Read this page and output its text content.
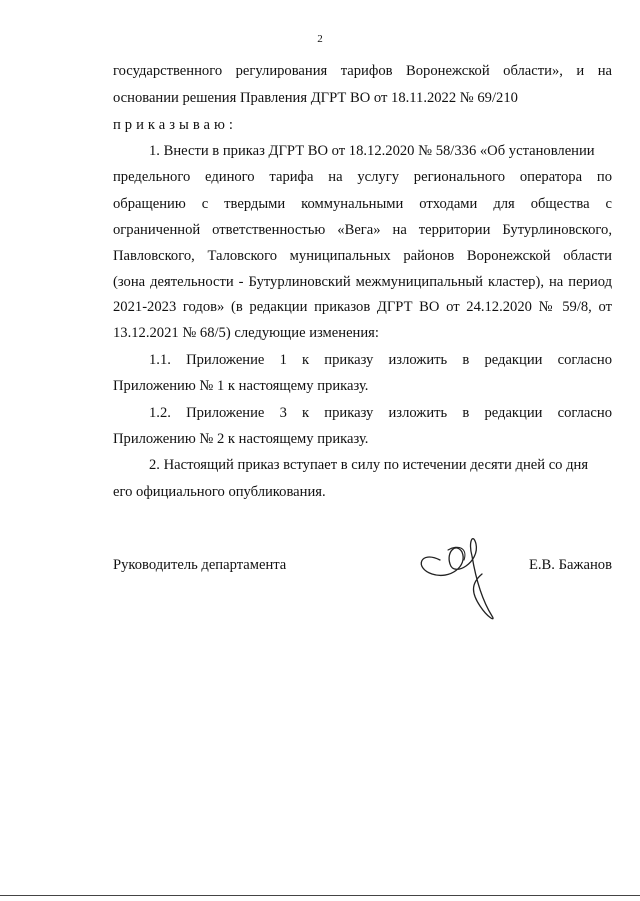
2
государственного регулирования тарифов Воронежской области», и на
основании решения Правления ДГРТ ВО от 18.11.2022 № 69/210
приказываю:
1. Внести в приказ ДГРТ ВО от 18.12.2020 № 58/336 «Об установлении
предельного единого тарифа на услугу регионального оператора по
обращению с твердыми коммунальными отходами для общества с
ограниченной ответственностью «Вега» на территории Бутурлиновского,
Павловского, Таловского муниципальных районов Воронежской области
(зона деятельности - Бутурлиновский межмуниципальный кластер), на период
2021-2023 годов» (в редакции приказов ДГРТ ВО от 24.12.2020 № 59/8, от
13.12.2021 № 68/5) следующие изменения:
1.1. Приложение 1 к приказу изложить в редакции согласно
Приложению № 1 к настоящему приказу.
1.2. Приложение 3 к приказу изложить в редакции согласно
Приложению № 2 к настоящему приказу.
2. Настоящий приказ вступает в силу по истечении десяти дней со дня
его официального опубликования.
Руководитель департамента	Е.В. Бажанов
